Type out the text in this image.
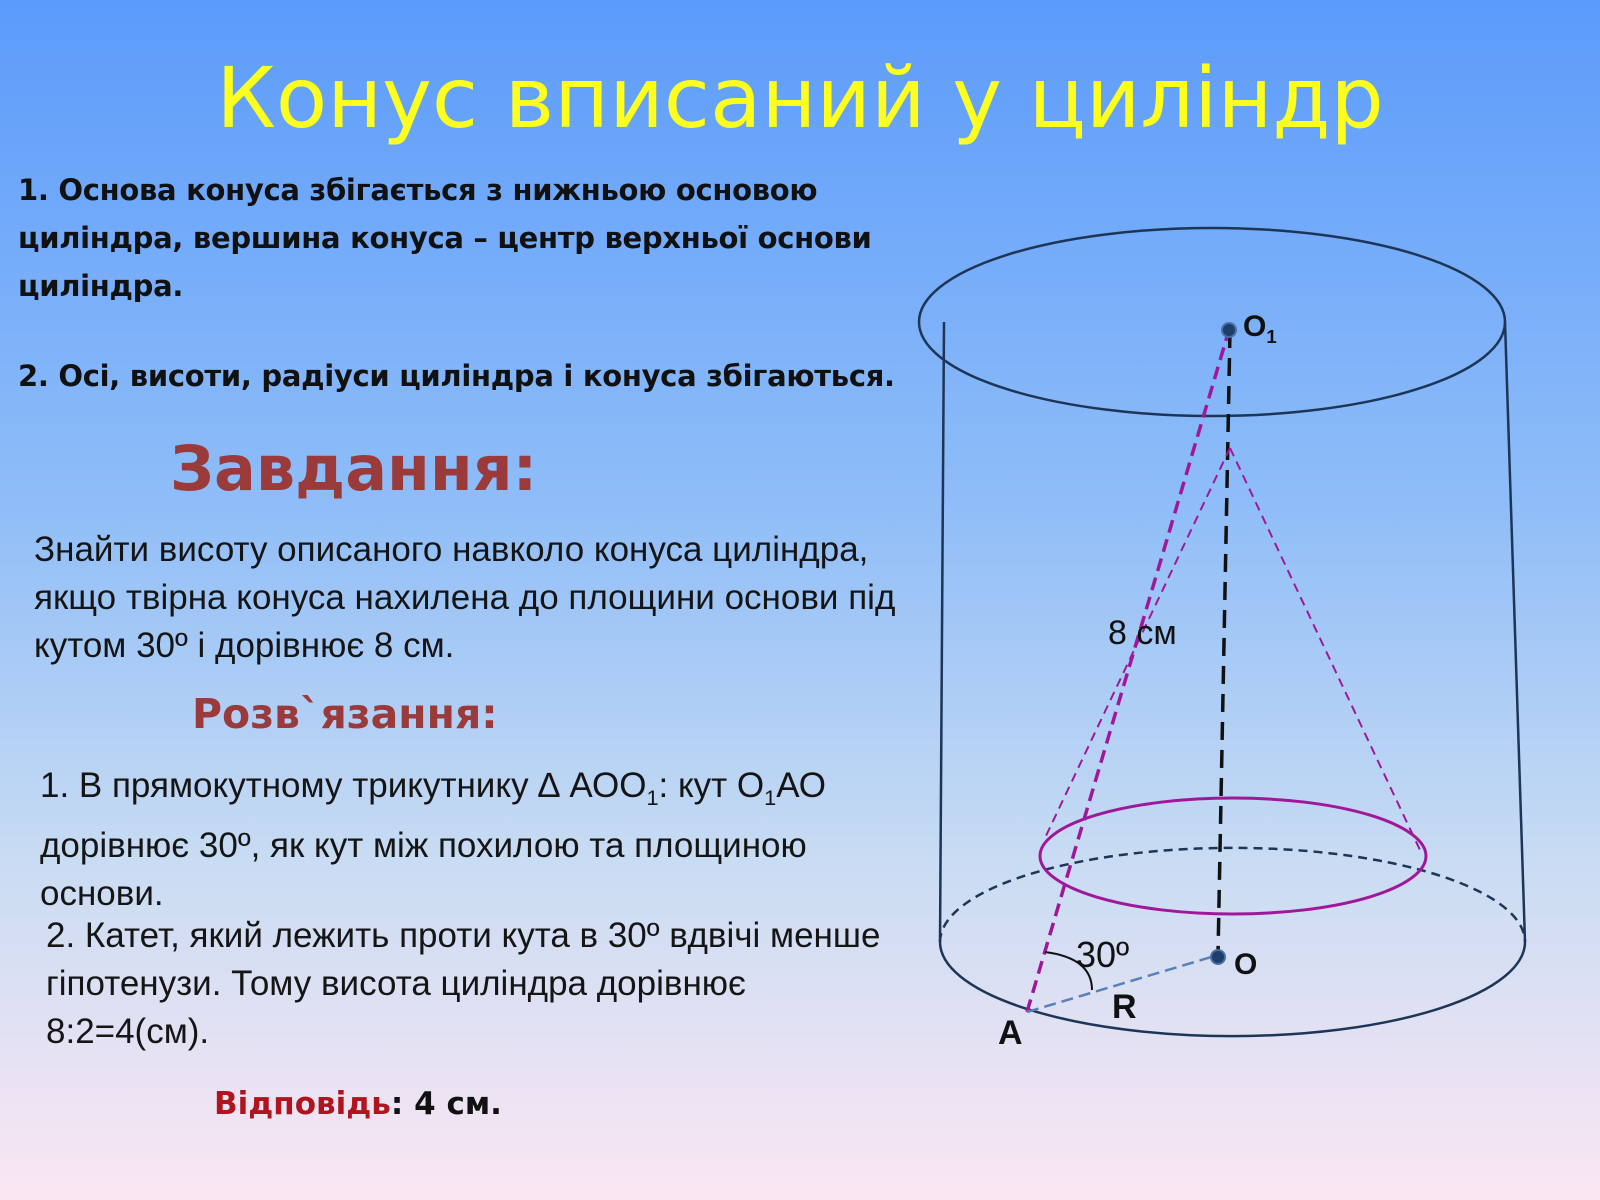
Конус вписаний у циліндр
1. Основа конуса збігається з нижньою основою циліндра, вершина конуса – центр верхньої основи циліндра.
2. Осі, висоти, радіуси циліндра і конуса збігаються.
Завдання:
Знайти висоту описаного навколо конуса циліндра, якщо твірна конуса нахилена до площини основи під кутом 30º і дорівнює 8 см.
Розв`язання:
1. В прямокутному трикутнику ∆ $АОО_1$: кут $О_1АО$ дорівнює 30º, як кут між похилою та площиною основи.
2. Катет, який лежить проти кута в 30º вдвічі менше гіпотенузи. Тому висота циліндра дорівнює 8:2=4(см).
Відповідь: 4 см.
$О_1$
8 см
30º	О
R
А
